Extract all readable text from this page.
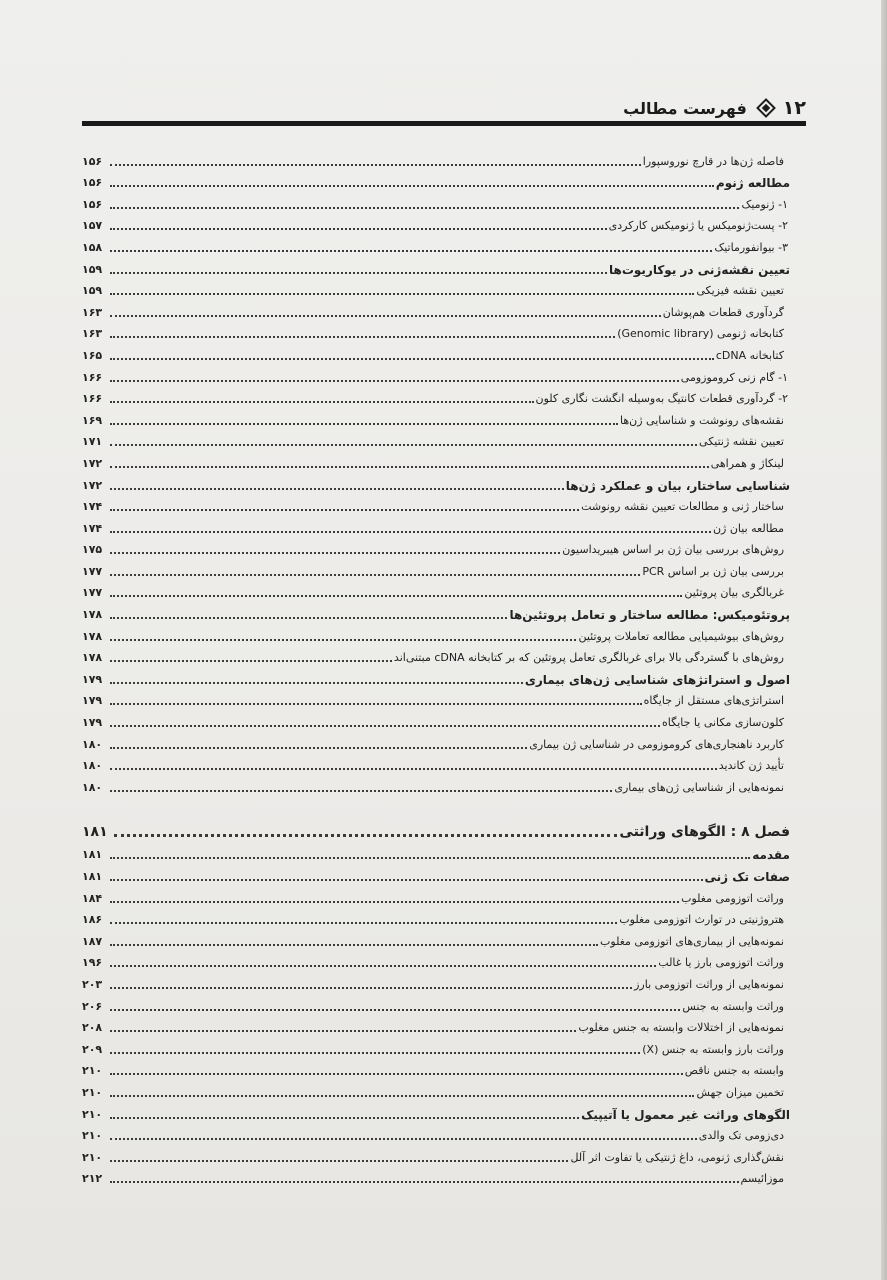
۱۲
فهرست مطالب
فاصله ژن‌ها در قارچ نوروسپورا
۱۵۶
مطالعه ژنوم
۱۵۶
۱- ژنومیک
۱۵۶
۲- پست‌ژنومیکس یا ژنومیکس کارکردی
۱۵۷
۳- بیوانفورماتیک
۱۵۸
تعیین نقشه‌ژنی در یوکاریوت‌ها
۱۵۹
تعیین نقشه فیزیکی
۱۵۹
گردآوری قطعات هم‌پوشان
۱۶۳
کتابخانه ژنومی (Genomic library)
۱۶۳
کتابخانه cDNA
۱۶۵
۱- گام زنی کروموزومی
۱۶۶
۲- گردآوری قطعات کانتیگ به‌وسیله انگشت نگاری کلون
۱۶۶
نقشه‌های رونوشت و شناسایی ژن‌ها
۱۶۹
تعیین نقشه ژنتیکی
۱۷۱
لینکاژ و همراهی
۱۷۲
شناسایی ساختار، بیان و عملکرد ژن‌ها
۱۷۲
ساختار ژنی و مطالعات تعیین نقشه رونوشت
۱۷۴
مطالعه بیان ژن
۱۷۴
روش‌های بررسی بیان ژن بر اساس هیبریداسیون
۱۷۵
بررسی بیان ژن بر اساس PCR
۱۷۷
غربالگری بیان پروتئین
۱۷۷
پروتئومیکس: مطالعه ساختار و تعامل پروتئین‌ها
۱۷۸
روش‌های بیوشیمیایی مطالعه تعاملات پروتئین
۱۷۸
روش‌های با گستردگی بالا برای غربالگری تعامل پروتئین که بر کتابخانه cDNA مبتنی‌اند
۱۷۸
اصول و استراتژهای شناسایی ژن‌های بیماری
۱۷۹
استراتژی‌های مستقل از جایگاه
۱۷۹
کلون‌سازی مکانی یا جایگاه
۱۷۹
کاربرد ناهنجاری‌های کروموزومی در شناسایی ژن بیماری
۱۸۰
تأیید ژن کاندید
۱۸۰
نمونه‌هایی از شناسایی ژن‌های بیماری
۱۸۰
فصل ۸ : الگوهای وراثتی
۱۸۱
مقدمه
۱۸۱
صفات تک ژنی
۱۸۱
وراثت اتوزومی مغلوب
۱۸۴
هتروژنیتی در توارث اتوزومی مغلوب
۱۸۶
نمونه‌هایی از بیماری‌های اتوزومی مغلوب
۱۸۷
وراثت اتوزومی بارز یا غالب
۱۹۶
نمونه‌هایی از وراثت اتوزومی بارز
۲۰۳
وراثت وابسته به جنس
۲۰۶
نمونه‌هایی از اختلالات وابسته به جنس مغلوب
۲۰۸
وراثت بارز وابسته به جنس (X)
۲۰۹
وابسته به جنس ناقص
۲۱۰
تخمین میزان جهش
۲۱۰
الگوهای وراثت غیر معمول یا آتیپیک
۲۱۰
دی‌زومی تک والدی
۲۱۰
نقش‌گذاری ژنومی، داغ ژنتیکی یا تفاوت اثر آلل
۲۱۰
موزائیسم
۲۱۲
